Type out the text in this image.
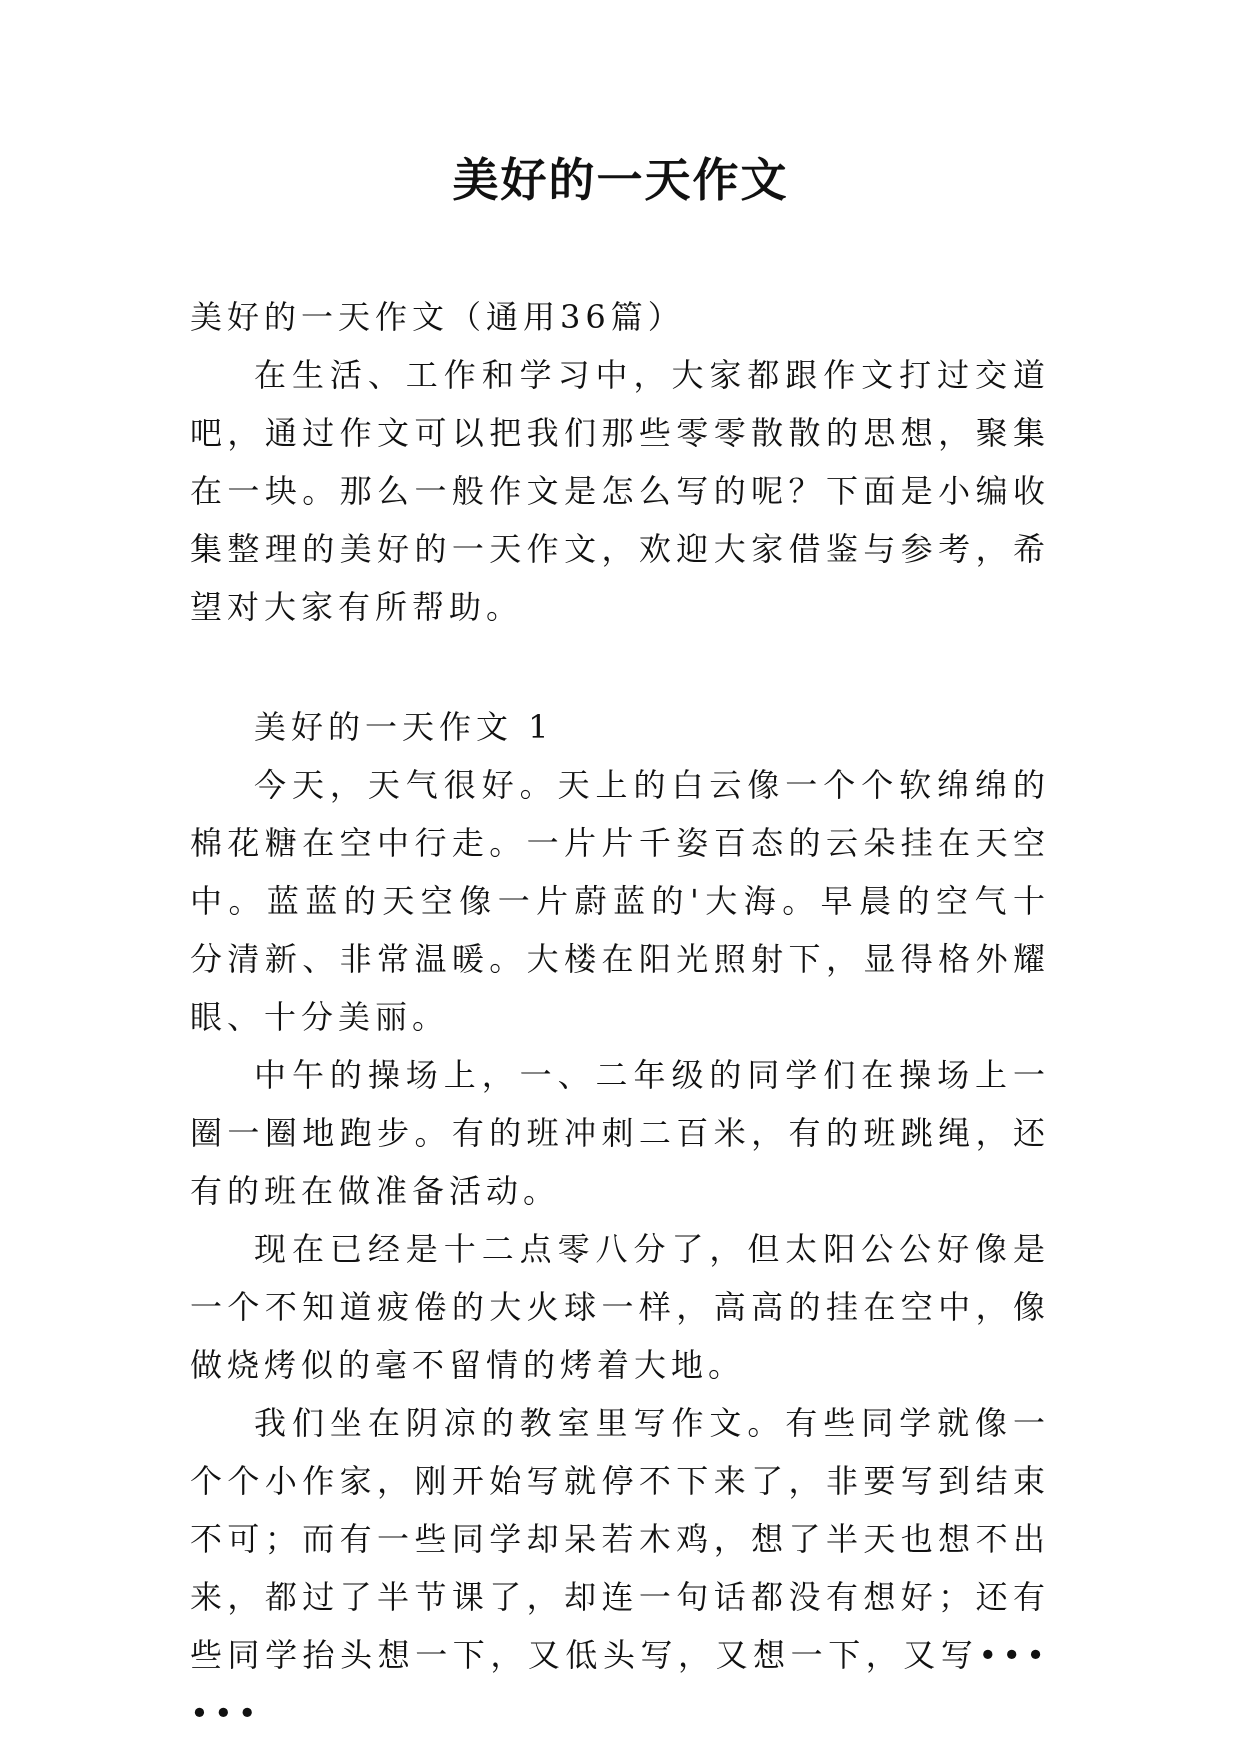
美好的一天作文

美好的一天作文（通用36篇）

在生活、工作和学习中，大家都跟作文打过交道吧，通过作文可以把我们那些零零散散的思想，聚集在一块。那么一般作文是怎么写的呢？下面是小编收集整理的美好的一天作文，欢迎大家借鉴与参考，希望对大家有所帮助。

美好的一天作文 1

今天，天气很好。天上的白云像一个个软绵绵的棉花糖在空中行走。一片片千姿百态的云朵挂在天空中。蓝蓝的天空像一片蔚蓝的'大海。早晨的空气十分清新、非常温暖。大楼在阳光照射下，显得格外耀眼、十分美丽。

中午的操场上，一、二年级的同学们在操场上一圈一圈地跑步。有的班冲刺二百米，有的班跳绳，还有的班在做准备活动。

现在已经是十二点零八分了，但太阳公公好像是一个不知道疲倦的大火球一样，高高的挂在空中，像做烧烤似的毫不留情的烤着大地。

我们坐在阴凉的教室里写作文。有些同学就像一个个小作家，刚开始写就停不下来了，非要写到结束不可；而有一些同学却呆若木鸡，想了半天也想不出来，都过了半节课了，却连一句话都没有想好；还有些同学抬头想一下，又低头写，又想一下，又写••••••
